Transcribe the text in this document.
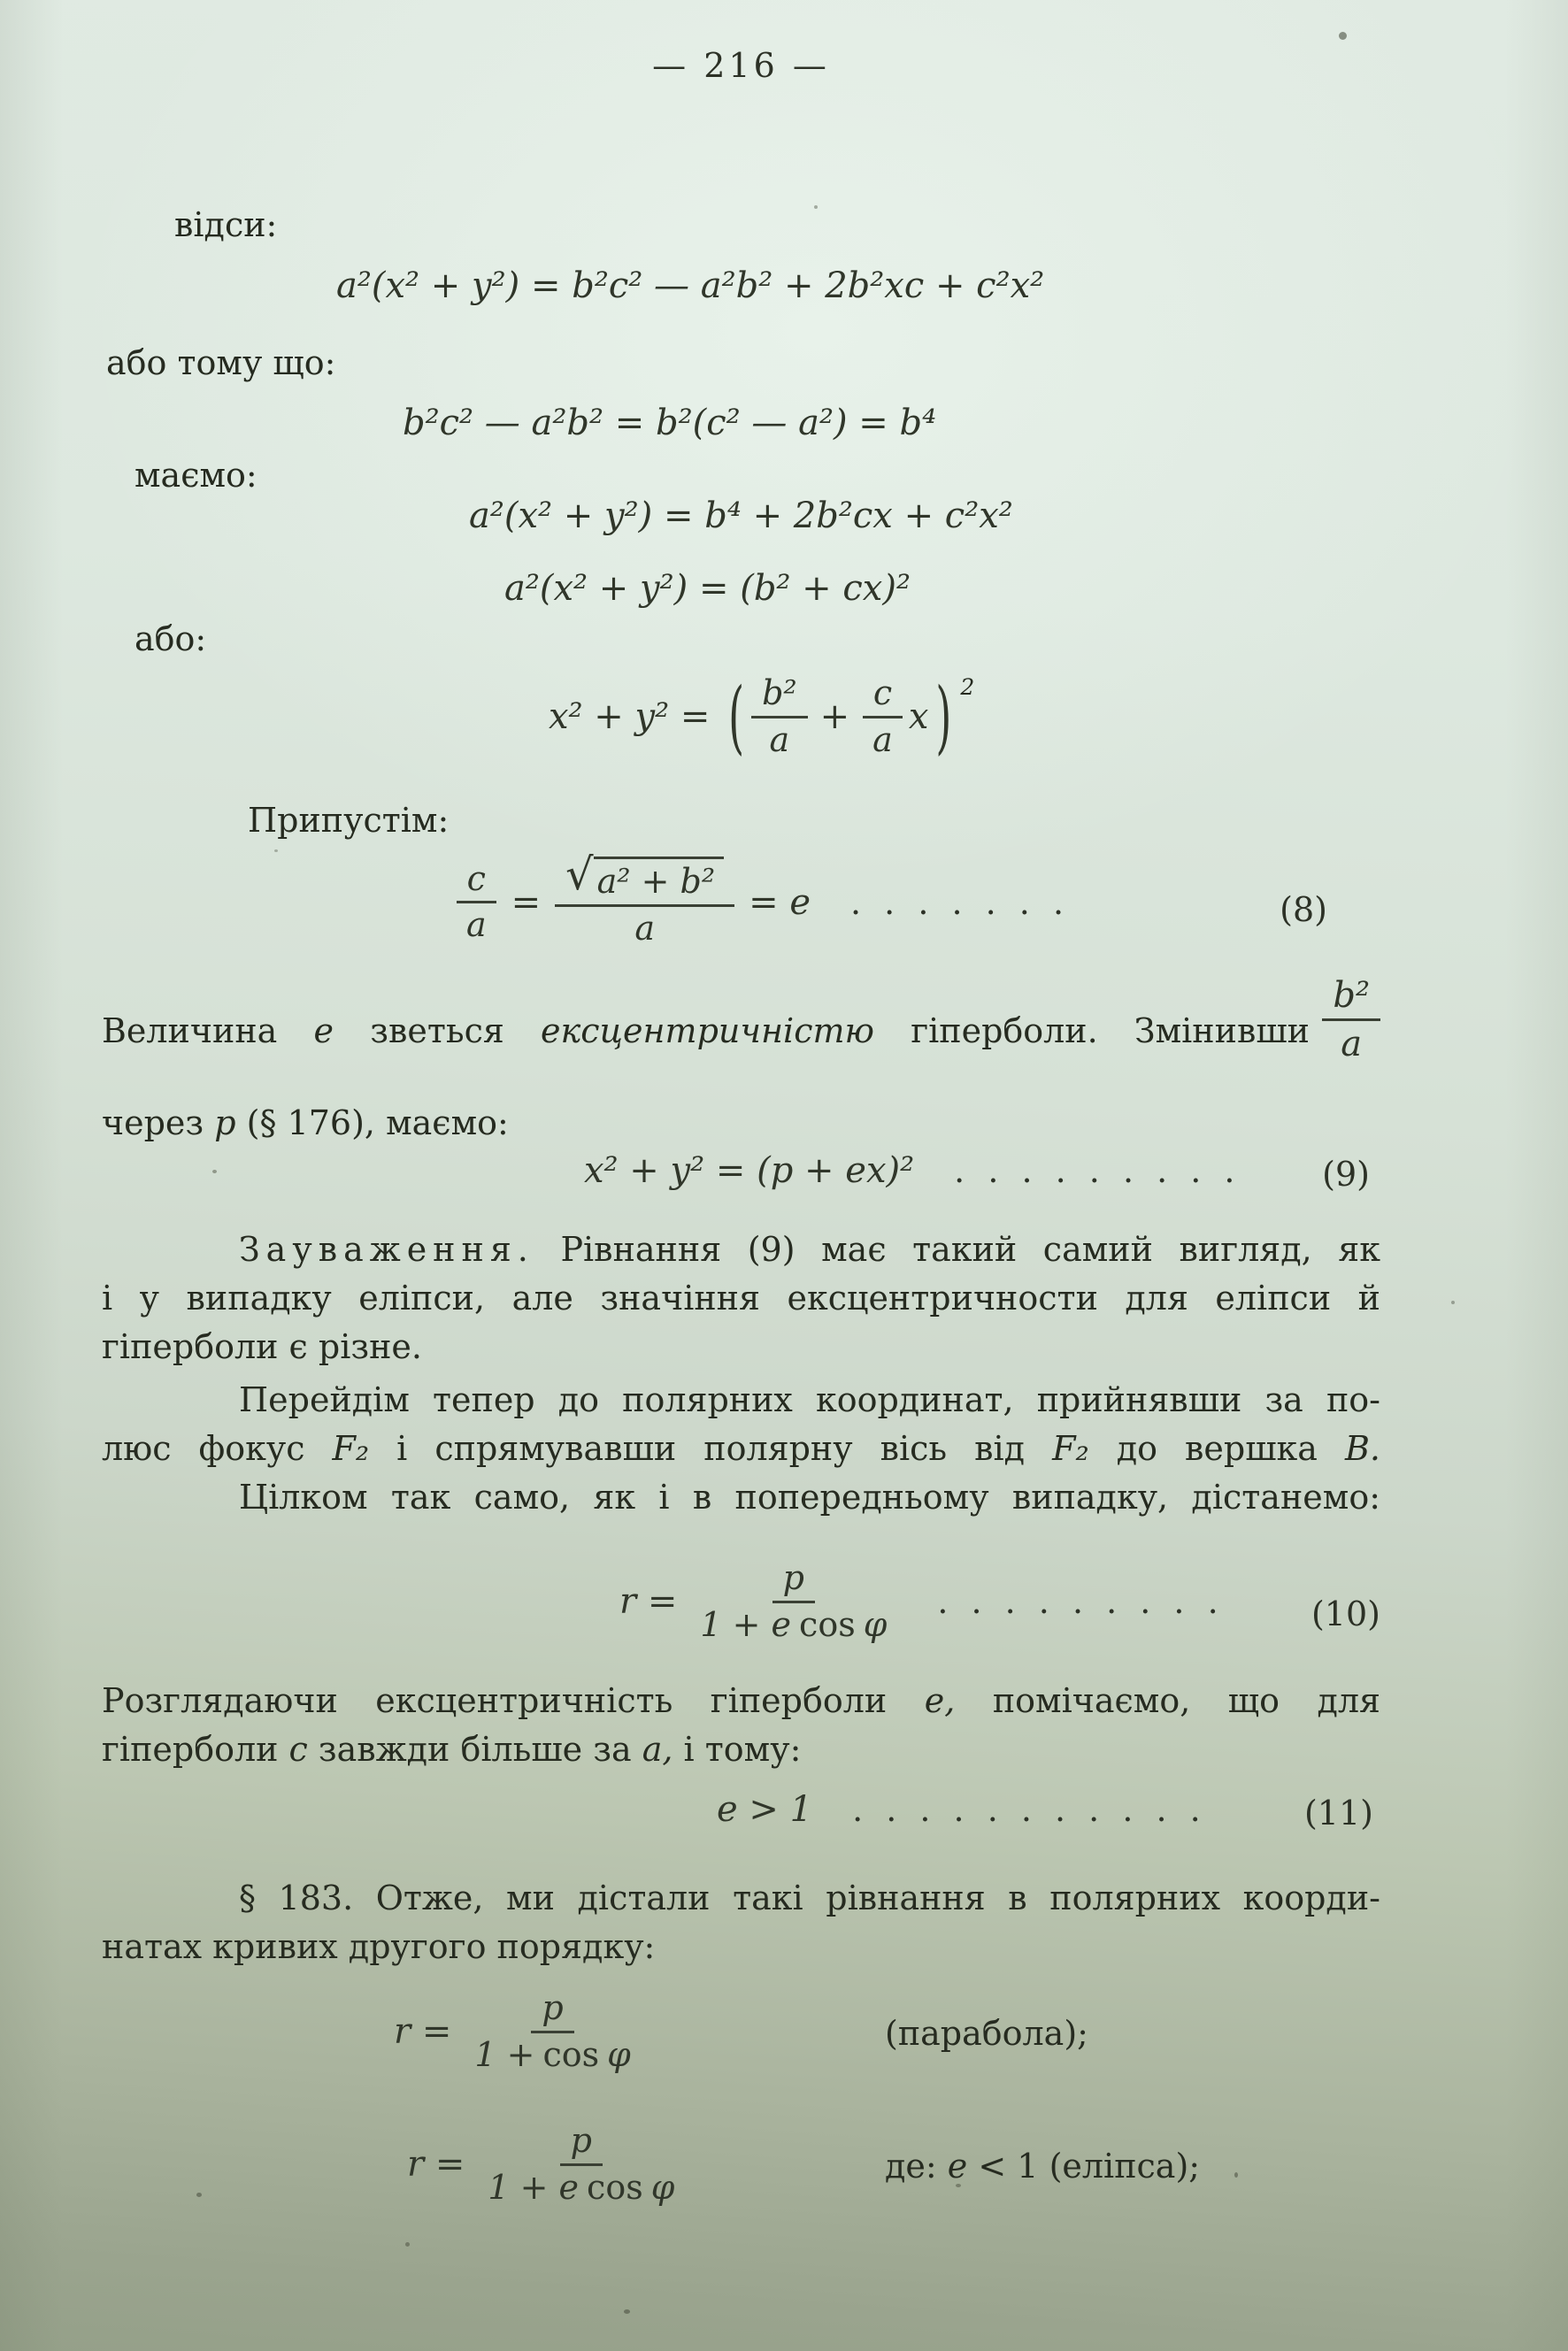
— 216 —
відси:
a²(x² + y²) = b²c² — a²b² + 2b²xc + c²x²
або тому що:
b²c² — a²b² = b²(c² — a²) = b⁴
маємо:
a²(x² + y²) = b⁴ + 2b²cx + c²x²
a²(x² + y²) = (b² + cx)²
або:
x² + y² = ( $\frac{\text{b²}}{a} + \frac{c}{a}$ x ) 2
Припустім:
$\frac{c}{a} = \frac{\text{√ a² + b²}}{a} = e$ . . . . . . .	(8)
Величина e зветься ексцентричністю гіперболи. Змінивши $\frac{\text{b²}}{a}$
через p (§ 176), маємо:
x² + y² = (p + ex)² . . . . . . . . . (9)
Зауваження. Рівнання (9) має такий самий вигляд, як
і у випадку еліпси, але значіння ексцентричности для еліпси й
гіперболи є різне.
Перейдім тепер до полярних координат, прийнявши за по-
люс фокус F₂ і спрямувавши полярну вісь від F₂ до вершка B.
Цілком так само, як і в попередньому випадку, дістанемо:
$r = \frac{p}{\text{1 + e cos φ}}$ . . . . . . . . .	(10)
Розглядаючи ексцентричність гіперболи e, помічаємо, що для
гіперболи c завжди більше за a, і тому:
e > 1 . . . . . . . . . . .	(11)
§ 183. Отже, ми дістали такі рівнання в полярних коорди-
натах кривих другого порядку:
$r = \frac{p}{\text{1 + cos φ}}$	(парабола);
$r = \frac{p}{\text{1 + e cos φ}}$	де: e < 1 (еліпса);
